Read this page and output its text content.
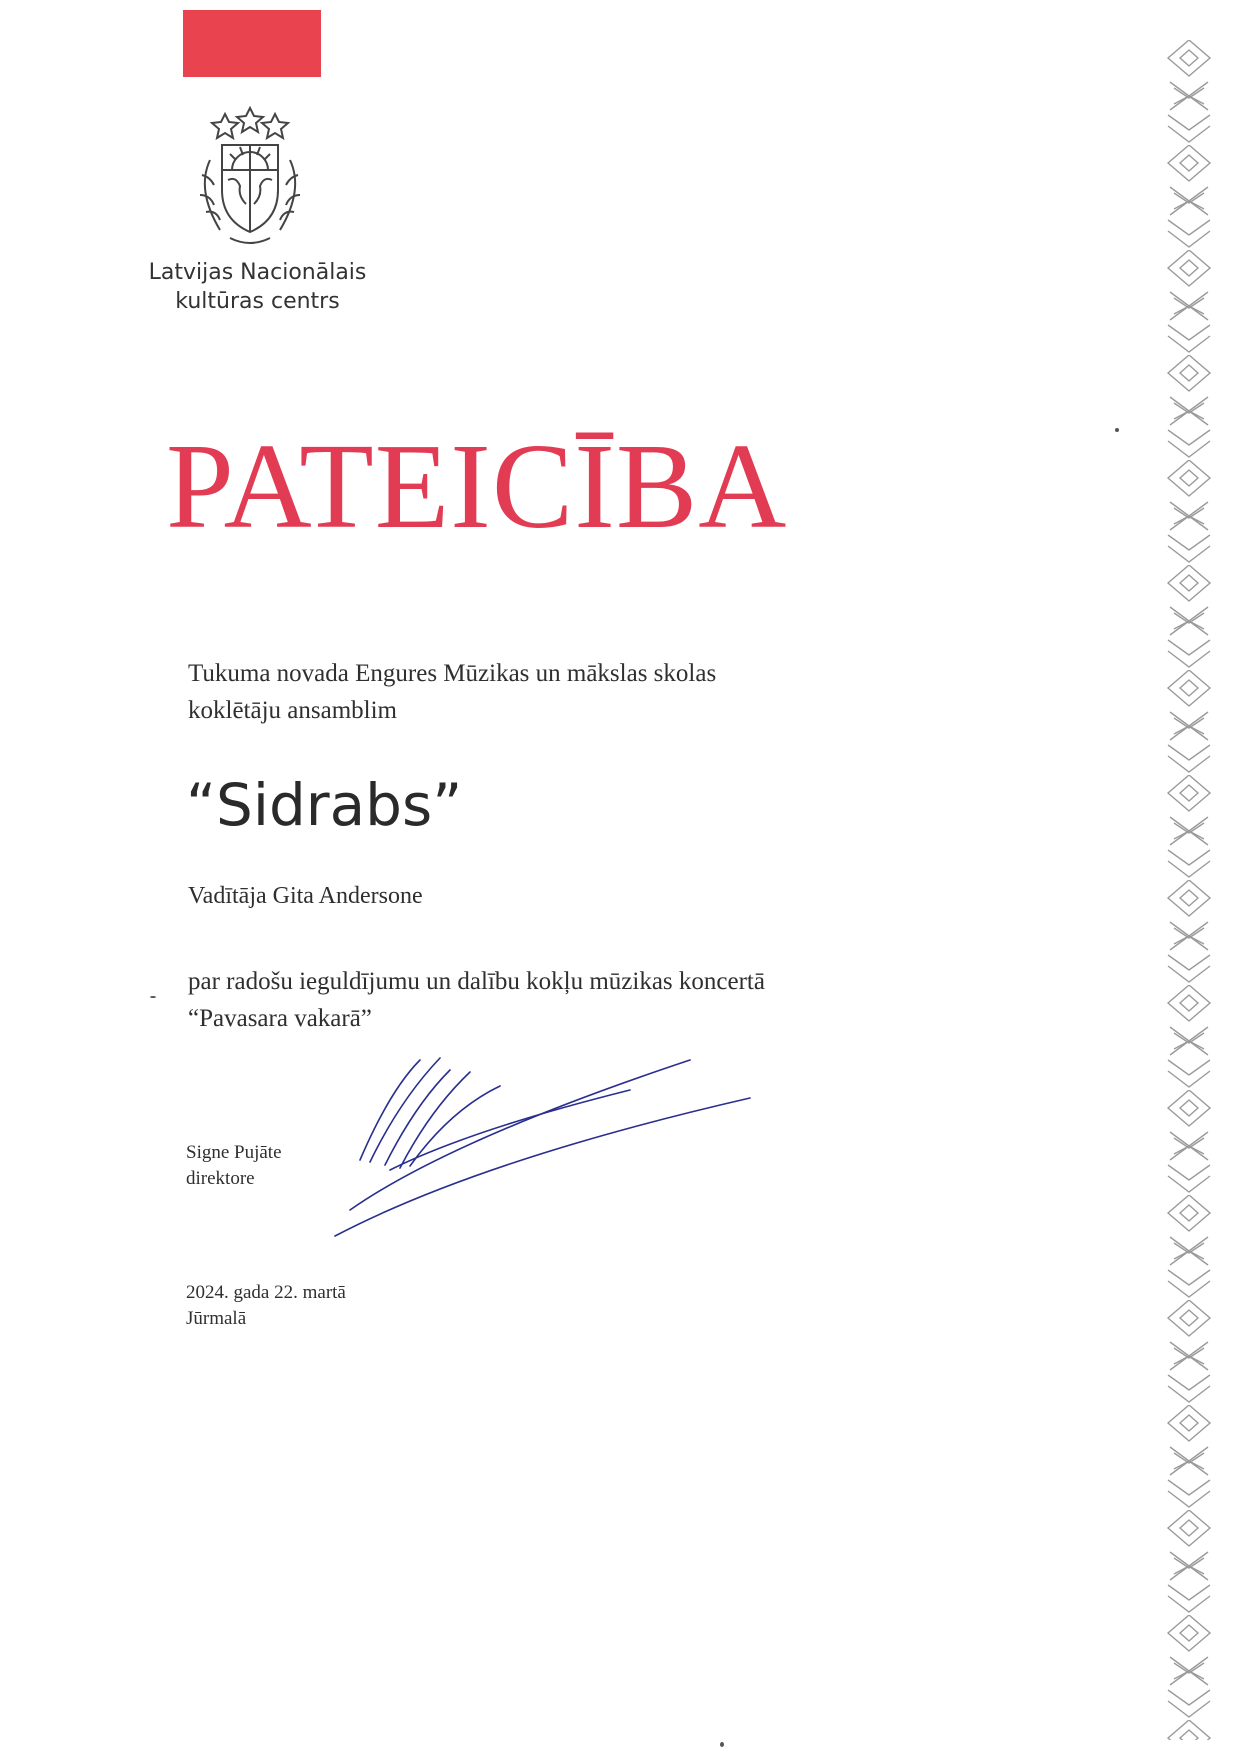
Latvijas Nacionālais
kultūras centrs
PATEICĪBA
Tukuma novada Engures Mūzikas un mākslas skolas
koklētāju ansamblim
“Sidrabs”
Vadītāja Gita Andersone
par radošu ieguldījumu un dalību kokļu mūzikas koncertā
“Pavasara vakarā”
Signe Pujāte
direktore
2024. gada 22. martā
Jūrmalā
